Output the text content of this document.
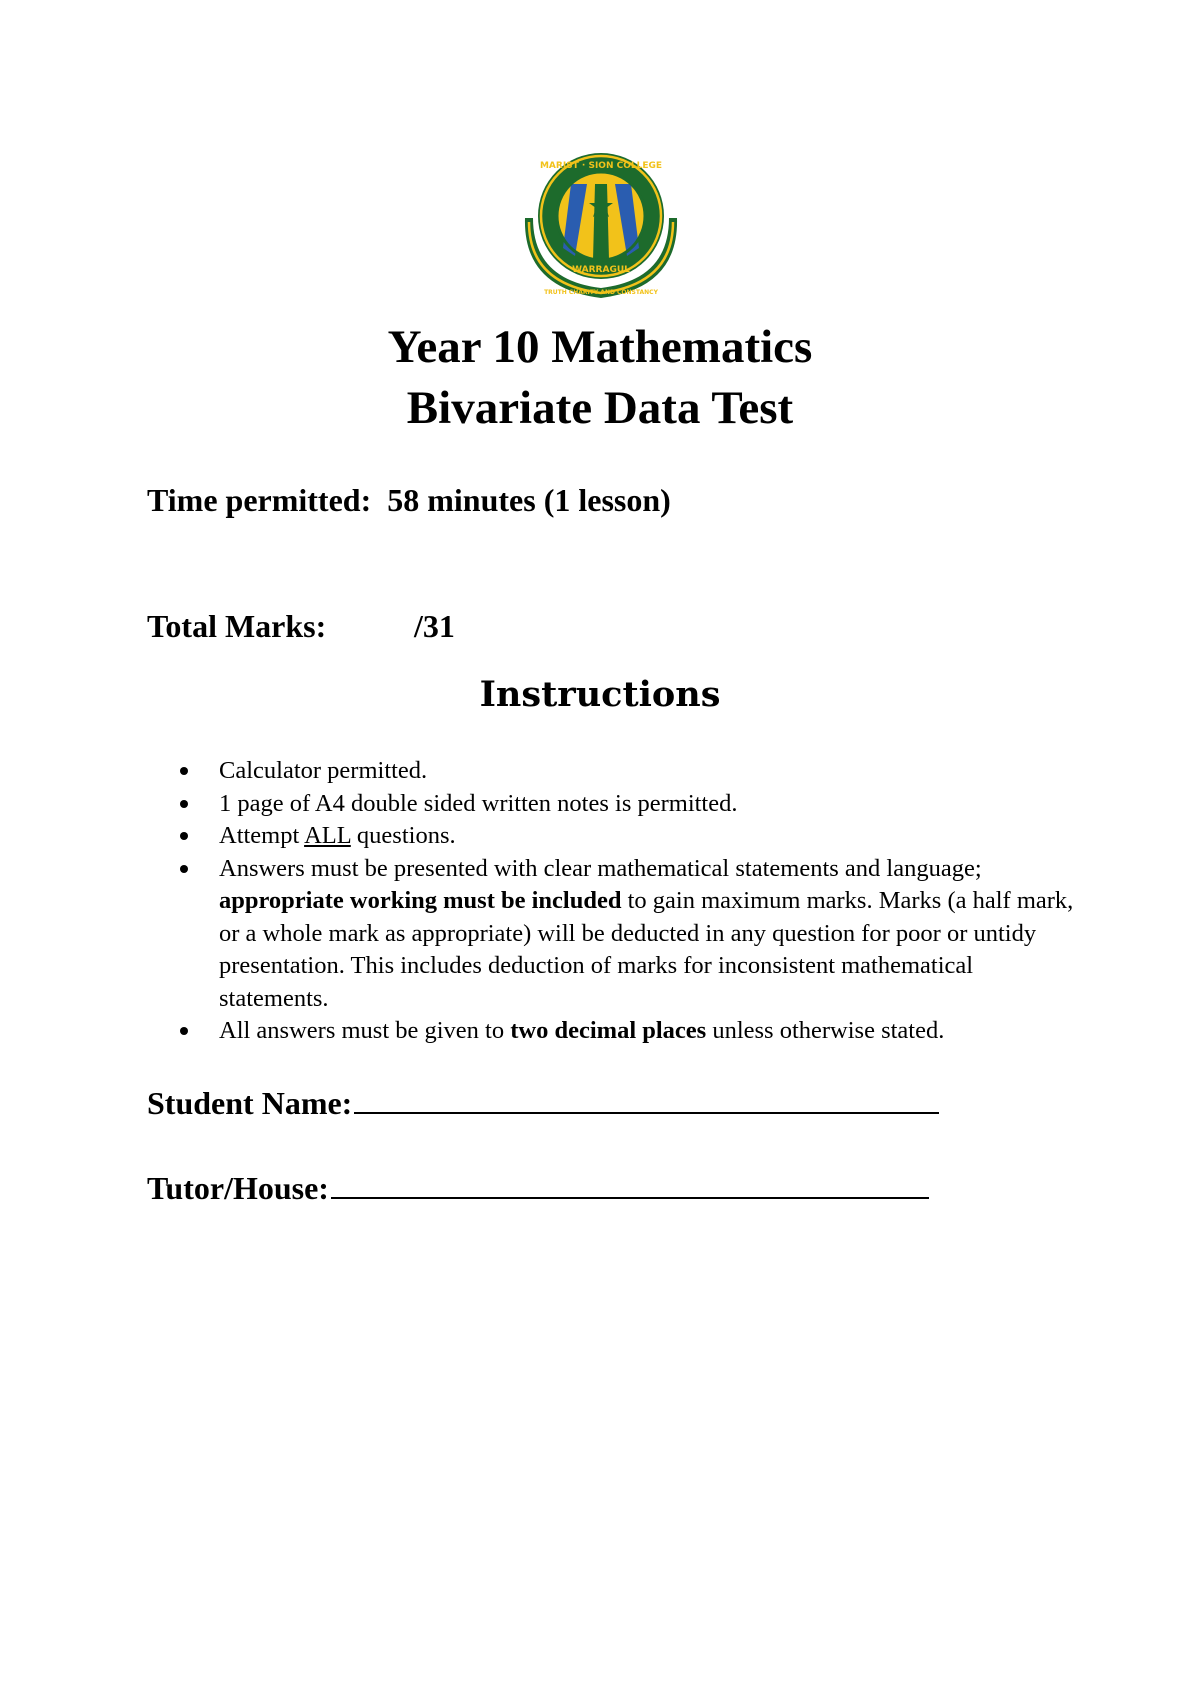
MARIST · SION COLLEGE
WARRAGUL
TRUTH CHARITY AND CONSTANCY
Year 10 Mathematics
Bivariate Data Test
Time permitted: 58 minutes (1 lesson)
Total Marks:	/31
Instructions
Calculator permitted.
1 page of A4 double sided written notes is permitted.
Attempt ALL questions.
Answers must be presented with clear mathematical statements and language; appropriate working must be included to gain maximum marks. Marks (a half mark, or a whole mark as appropriate) will be deducted in any question for poor or untidy presentation. This includes deduction of marks for inconsistent mathematical statements.
All answers must be given to two decimal places unless otherwise stated.
Student Name:
Tutor/House:
